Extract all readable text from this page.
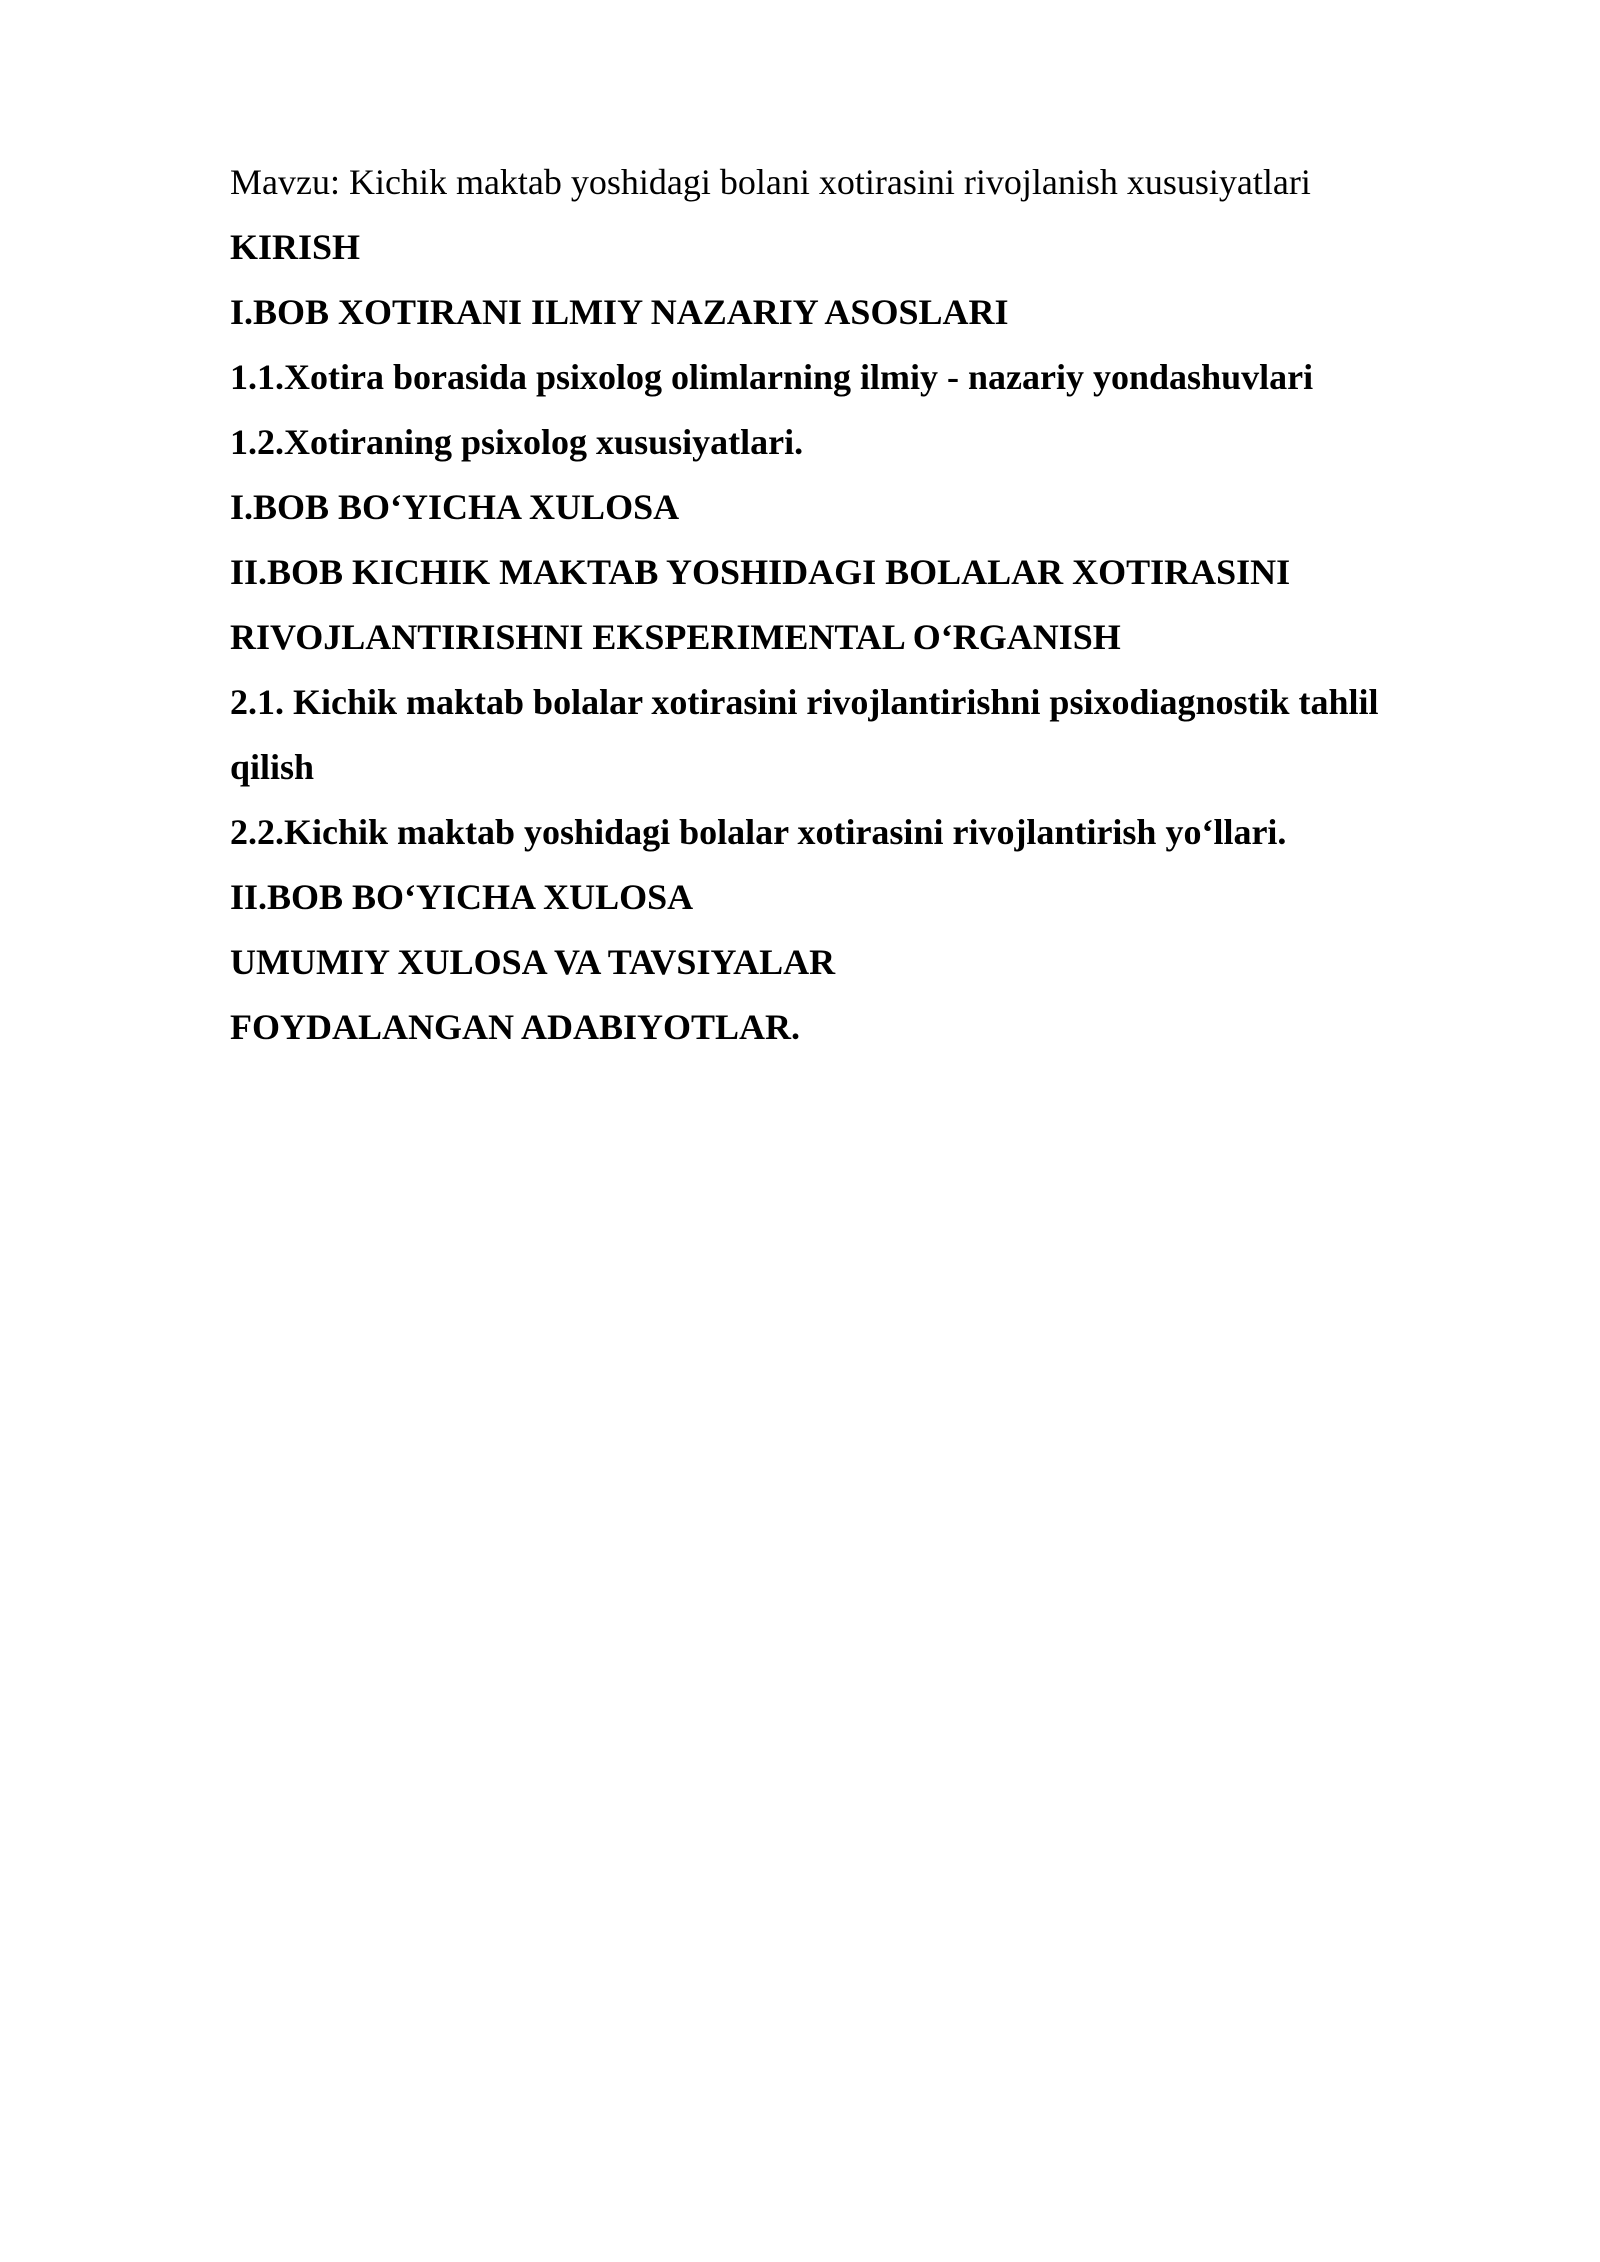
Mavzu: Kichik maktab yoshidagi bolani xotirasini rivojlanish xususiyatlari

KIRISH

I.BOB XOTIRANI ILMIY NAZARIY ASOSLARI

1.1.Xotira borasida psixolog olimlarning ilmiy - nazariy yondashuvlari

1.2.Xotiraning psixolog xususiyatlari.

I.BOB BO‘YICHA XULOSA

II.BOB KICHIK MAKTAB YOSHIDAGI BOLALAR XOTIRASINI

RIVOJLANTIRISHNI EKSPERIMENTAL O‘RGANISH

2.1. Kichik maktab bolalar xotirasini rivojlantirishni psixodiagnostik tahlil

qilish

2.2.Kichik maktab yoshidagi bolalar xotirasini rivojlantirish yo‘llari.

II.BOB BO‘YICHA XULOSA

UMUMIY XULOSA VA TAVSIYALAR

FOYDALANGAN ADABIYOTLAR.
